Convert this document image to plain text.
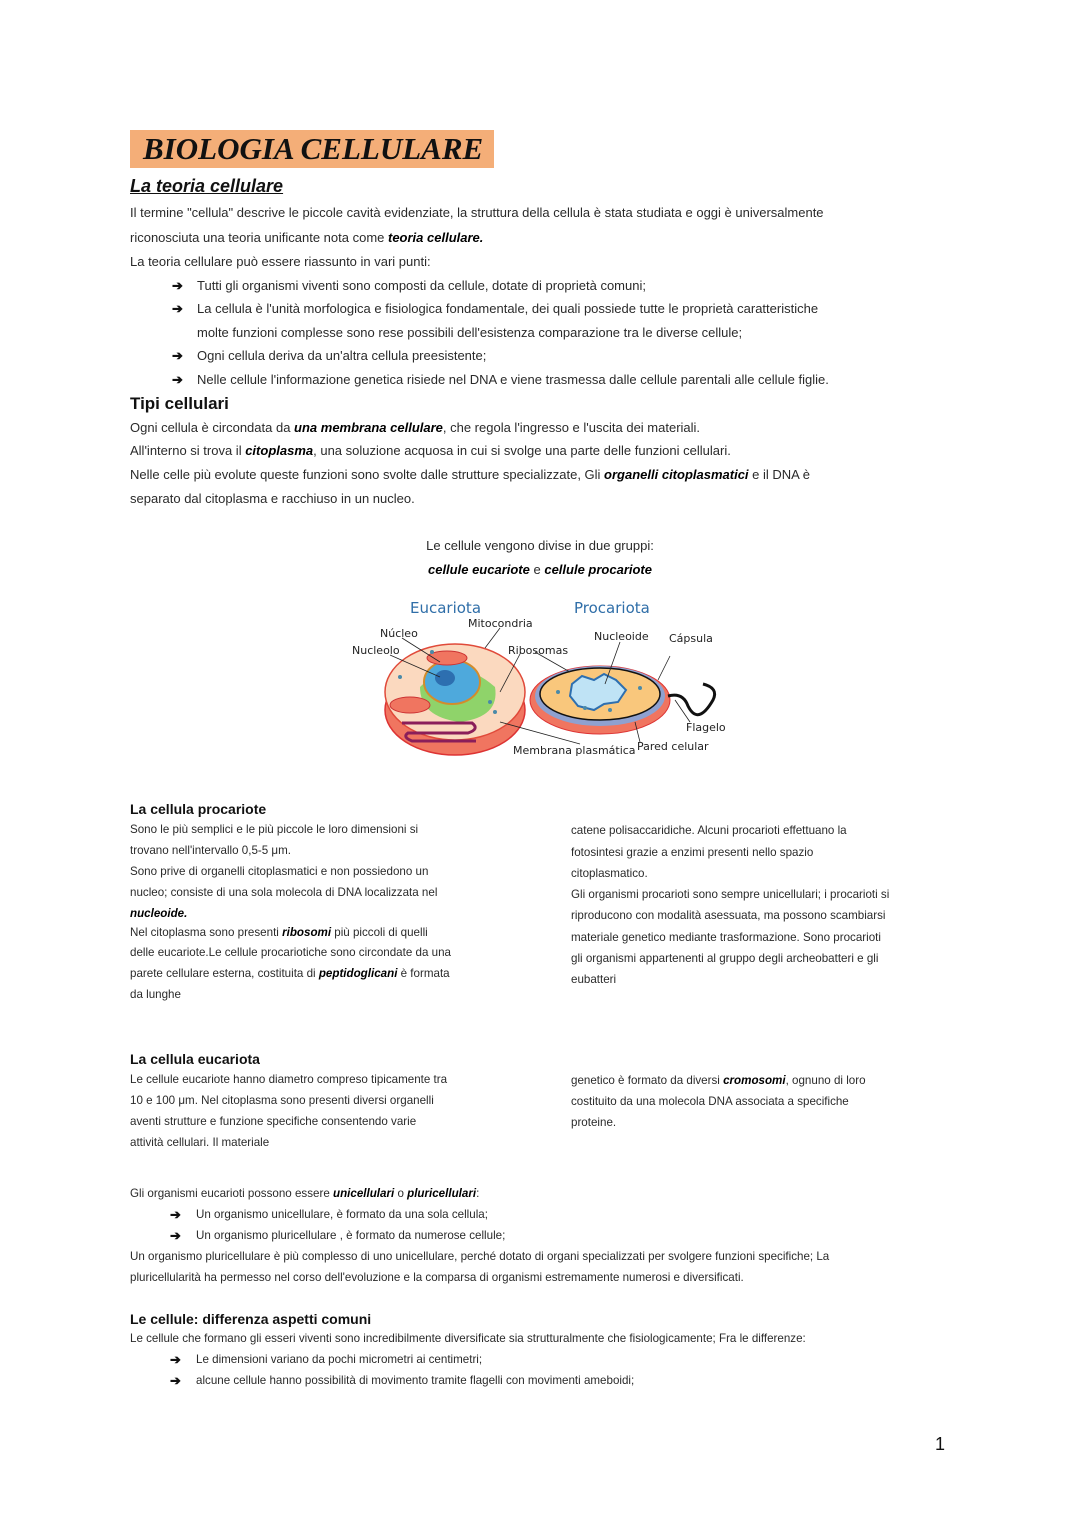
BIOLOGIA CELLULARE
La teoria cellulare
Il termine "cellula" descrive le piccole cavità evidenziate, la struttura della cellula è stata studiata e oggi è universalmente
riconosciuta una teoria unificante nota come teoria cellulare.
La teoria cellulare può essere riassunto in vari punti:
Tutti gli organismi viventi sono composti da cellule, dotate di proprietà comuni;
La cellula è l'unità morfologica e fisiologica fondamentale, dei quali possiede tutte le proprietà caratteristiche
molte funzioni complesse sono rese possibili dell'esistenza comparazione tra le diverse cellule;
Ogni cellula deriva da un'altra cellula preesistente;
Nelle cellule l'informazione genetica risiede nel DNA e viene trasmessa dalle cellule parentali alle cellule figlie.
Tipi cellulari
Ogni cellula è circondata da una membrana cellulare, che regola l'ingresso e l'uscita dei materiali.
All'interno si trova il citoplasma, una soluzione acquosa in cui si svolge una parte delle funzioni cellulari.
Nelle celle più evolute queste funzioni sono svolte dalle strutture specializzate, Gli organelli citoplasmatici e il DNA è
separato dal citoplasma e racchiuso in un nucleo.
Le cellule vengono divise in due gruppi:
cellule eucariote e cellule procariote
Eucariota	Procariota
Núcleo
Nucleolo
Mitocondria
Ribosomas
Nucleoide Cápsula
Flagelo
Pared celular
Membrana plasmática
La cellula procariote
Sono le più semplici e le più piccole le loro dimensioni si
trovano nell'intervallo 0,5-5 μm.
Sono prive di organelli citoplasmatici e non possiedono un
nucleo; consiste di una sola molecola di DNA localizzata nel
nucleoide.
Nel citoplasma sono presenti ribosomi più piccoli di quelli
delle eucariote.Le cellule procariotiche sono circondate da una
parete cellulare esterna, costituita di peptidoglicani è formata
da lunghe
catene polisaccaridiche. Alcuni procarioti effettuano la
fotosintesi grazie a enzimi presenti nello spazio
citoplasmatico.
Gli organismi procarioti sono sempre unicellulari; i procarioti si
riproducono con modalità asessuata, ma possono scambiarsi
materiale genetico mediante trasformazione. Sono procarioti
gli organismi appartenenti al gruppo degli archeobatteri e gli
eubatteri
La cellula eucariota
Le cellule eucariote hanno diametro compreso tipicamente tra
10 e 100 μm. Nel citoplasma sono presenti diversi organelli
aventi strutture e funzione specifiche consentendo varie
attività cellulari. Il materiale
genetico è formato da diversi cromosomi, ognuno di loro
costituito da una molecola DNA associata a specifiche
proteine.
Gli organismi eucarioti possono essere unicellulari o pluricellulari:
Un organismo unicellulare, è formato da una sola cellula;
Un organismo pluricellulare , è formato da numerose cellule;
Un organismo pluricellulare è più complesso di uno unicellulare, perché dotato di organi specializzati per svolgere funzioni specifiche; La
pluricellularità ha permesso nel corso dell'evoluzione e la comparsa di organismi estremamente numerosi e diversificati.
Le cellule: differenza aspetti comuni
Le cellule che formano gli esseri viventi sono incredibilmente diversificate sia strutturalmente che fisiologicamente; Fra le differenze:
Le dimensioni variano da pochi micrometri ai centimetri;
alcune cellule hanno possibilità di movimento tramite flagelli con movimenti ameboidi;
1
➔
➔
➔
➔
➔
➔
➔
➔
